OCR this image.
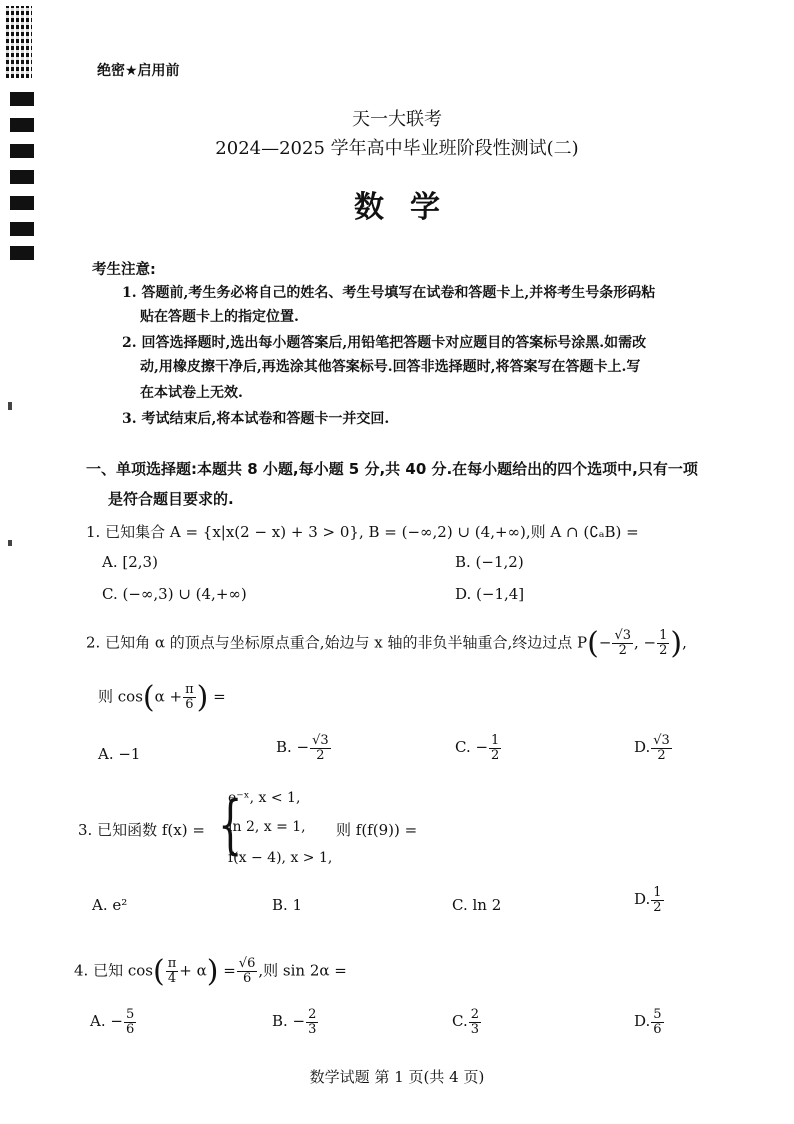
绝密★启用前
天一大联考
2024—2025 学年高中毕业班阶段性测试(二)
数学
考生注意:
1. 答题前,考生务必将自己的姓名、考生号填写在试卷和答题卡上,并将考生号条形码粘
贴在答题卡上的指定位置.
2. 回答选择题时,选出每小题答案后,用铅笔把答题卡对应题目的答案标号涂黑.如需改
动,用橡皮擦干净后,再选涂其他答案标号.回答非选择题时,将答案写在答题卡上.写
在本试卷上无效.
3. 考试结束后,将本试卷和答题卡一并交回.
一、单项选择题:本题共 8 小题,每小题 5 分,共 40 分.在每小题给出的四个选项中,只有一项
是符合题目要求的.
1. 已知集合 A = {x|x(2 − x) + 3 > 0}, B = (−∞,2) ∪ (4,+∞),则 A ∩ (∁ₐB) =
A. [2,3)	B. (−1,2)
C. (−∞,3) ∪ (4,+∞)	D. (−1,4]
2. 已知角 α 的顶点与坐标原点重合,始边与 x 轴的非负半轴重合,终边过点 $P(- \frac{√3}{2}$ , − $\frac{1}{2}$ ),
则 $\cos(\alpha + \frac{\pi}{6}$ ) =
A. −1	B. − $\frac{√3}{2}$	C. − $\frac{1}{2}$	D. $\frac{√3}{2}$
3. 已知函数 f(x) = {
e⁻ˣ, x < 1,
ln 2, x = 1,
f(x − 4), x > 1,
则 f(f(9)) =
A. e²	B. 1	C. ln 2	D. $\frac{1}{2}$
4. 已知 $\cos( \frac{\pi}{4} + \alpha) = \frac{√6}{6}$ ,则 sin 2α =
A. − $\frac{5}{6}$	B. − $\frac{2}{3}$	C. $\frac{2}{3}$	D. $\frac{5}{6}$
数学试题 第 1 页(共 4 页)
